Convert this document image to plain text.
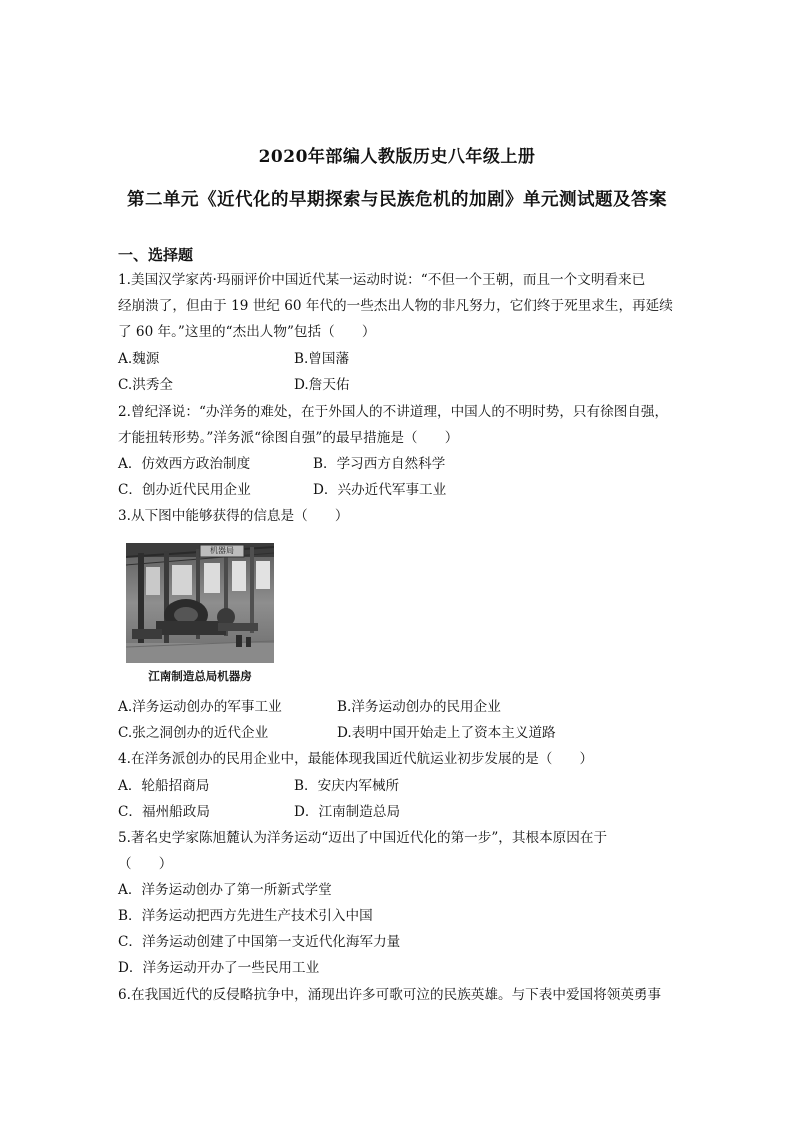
2020年部编人教版历史八年级上册
第二单元《近代化的早期探索与民族危机的加剧》单元测试题及答案
一、选择题
1.美国汉学家芮·玛丽评价中国近代某一运动时说：“不但一个王朝，而且一个文明看来已
经崩溃了，但由于 19 世纪 60 年代的一些杰出人物的非凡努力，它们终于死里求生，再延续
了 60 年。”这里的“杰出人物”包括（　　）
A.魏源	B.曾国藩
C.洪秀全	D.詹天佑
2.曾纪泽说：“办洋务的难处，在于外国人的不讲道理，中国人的不明时势，只有徐图自强，
才能扭转形势。”洋务派“徐图自强”的最早措施是（　　）
A．仿效西方政治制度	B．学习西方自然科学
C．创办近代民用企业	D．兴办近代军事工业
3.从下图中能够获得的信息是（　　）
机器局
江南制造总局机器房
A.洋务运动创办的军事工业	B.洋务运动创办的民用企业
C.张之洞创办的近代企业	D.表明中国开始走上了资本主义道路
4.在洋务派创办的民用企业中，最能体现我国近代航运业初步发展的是（　　）
A．轮船招商局	B．安庆内军械所
C．福州船政局	D．江南制造总局
5.著名史学家陈旭麓认为洋务运动“迈出了中国近代化的第一步”，其根本原因在于
（　　）
A．洋务运动创办了第一所新式学堂
B．洋务运动把西方先进生产技术引入中国
C．洋务运动创建了中国第一支近代化海军力量
D．洋务运动开办了一些民用工业
6.在我国近代的反侵略抗争中，涌现出许多可歌可泣的民族英雄。与下表中爱国将领英勇事
